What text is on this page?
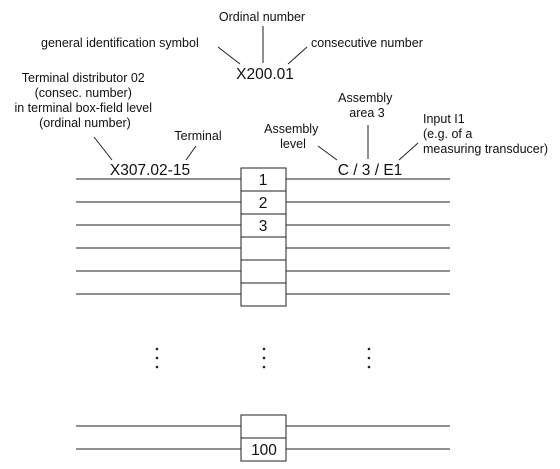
Ordinal number
general identification symbol	consecutive number
X200.01
Terminal distributor 02 (consec. number) in terminal box-field level (ordinal number)
Terminal
X307.02-15
Assembly level
Assembly area 3	Input I1 (e.g. of a measuring transducer)
C / 3 / E1
1
2
3
100
